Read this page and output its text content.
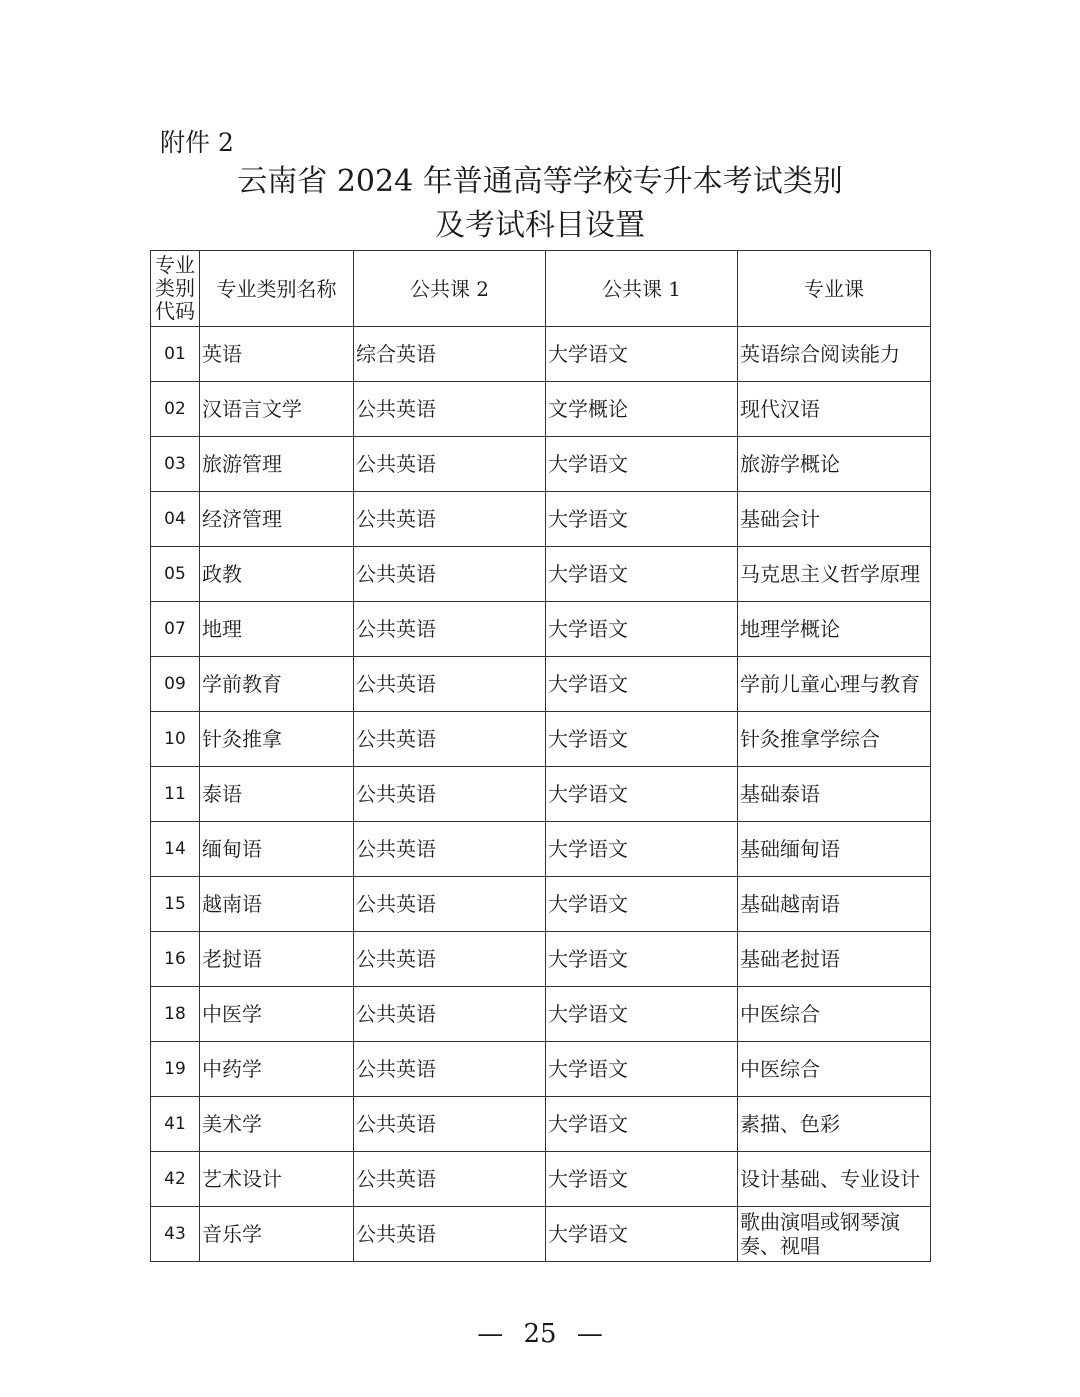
附件 2
云南省 2024 年普通高等学校专升本考试类别
及考试科目设置
专业
类别
代码	专业类别名称	公共课 2	公共课 1	专业课
01	英语	综合英语	大学语文	英语综合阅读能力
02	汉语言文学	公共英语	文学概论	现代汉语
03	旅游管理	公共英语	大学语文	旅游学概论
04	经济管理	公共英语	大学语文	基础会计
05	政教	公共英语	大学语文	马克思主义哲学原理
07	地理	公共英语	大学语文	地理学概论
09	学前教育	公共英语	大学语文	学前儿童心理与教育
10	针灸推拿	公共英语	大学语文	针灸推拿学综合
11	泰语	公共英语	大学语文	基础泰语
14	缅甸语	公共英语	大学语文	基础缅甸语
15	越南语	公共英语	大学语文	基础越南语
16	老挝语	公共英语	大学语文	基础老挝语
18	中医学	公共英语	大学语文	中医综合
19	中药学	公共英语	大学语文	中医综合
41	美术学	公共英语	大学语文	素描、色彩
42	艺术设计	公共英语	大学语文	设计基础、专业设计
43	音乐学	公共英语	大学语文	歌曲演唱或钢琴演奏、视唱
— 25 —
